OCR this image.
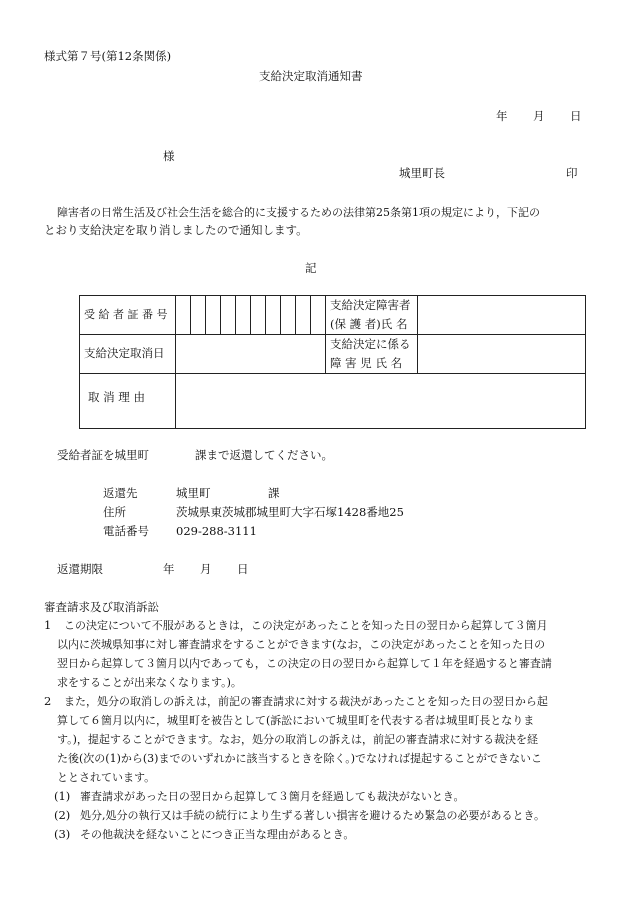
様式第７号(第12条関係)
支給決定取消通知書
年 月 日
様
城里町長	印
障害者の日常生活及び社会生活を総合的に支援するための法律第25条第1項の規定により，下記の
とおり支給決定を取り消しましたので通知します。
記
受 給 者 証 番 号											支給決定障害者
(保 護 者)氏 名	

支給決定取消日											支給決定に係る
障 害 児 氏 名	

取 消 理 由												
受給者証を城里町　　　　課まで返還してください。
返還先	城里町　　　　　課
住所	茨城県東茨城郡城里町大字石塚1428番地25
電話番号 029-288-3111
返還期限	年 月 日
審査請求及び取消訴訟
1 この決定について不服があるときは，この決定があったことを知った日の翌日から起算して３箇月
以内に茨城県知事に対し審査請求をすることができます(なお，この決定があったことを知った日の
翌日から起算して３箇月以内であっても，この決定の日の翌日から起算して１年を経過すると審査請
求をすることが出来なくなります。)。
2 また，処分の取消しの訴えは，前記の審査請求に対する裁決があったことを知った日の翌日から起
算して６箇月以内に，城里町を被告として(訴訟において城里町を代表する者は城里町長となりま
す。)，提起することができます。なお，処分の取消しの訴えは，前記の審査請求に対する裁決を経
た後(次の(1)から(3)までのいずれかに該当するときを除く。)でなければ提起することができないこ
ととされています。
(1) 審査請求があった日の翌日から起算して３箇月を経過しても裁決がないとき。
(2) 処分,処分の執行又は手続の続行により生ずる著しい損害を避けるため緊急の必要があるとき。
(3) その他裁決を経ないことにつき正当な理由があるとき。
